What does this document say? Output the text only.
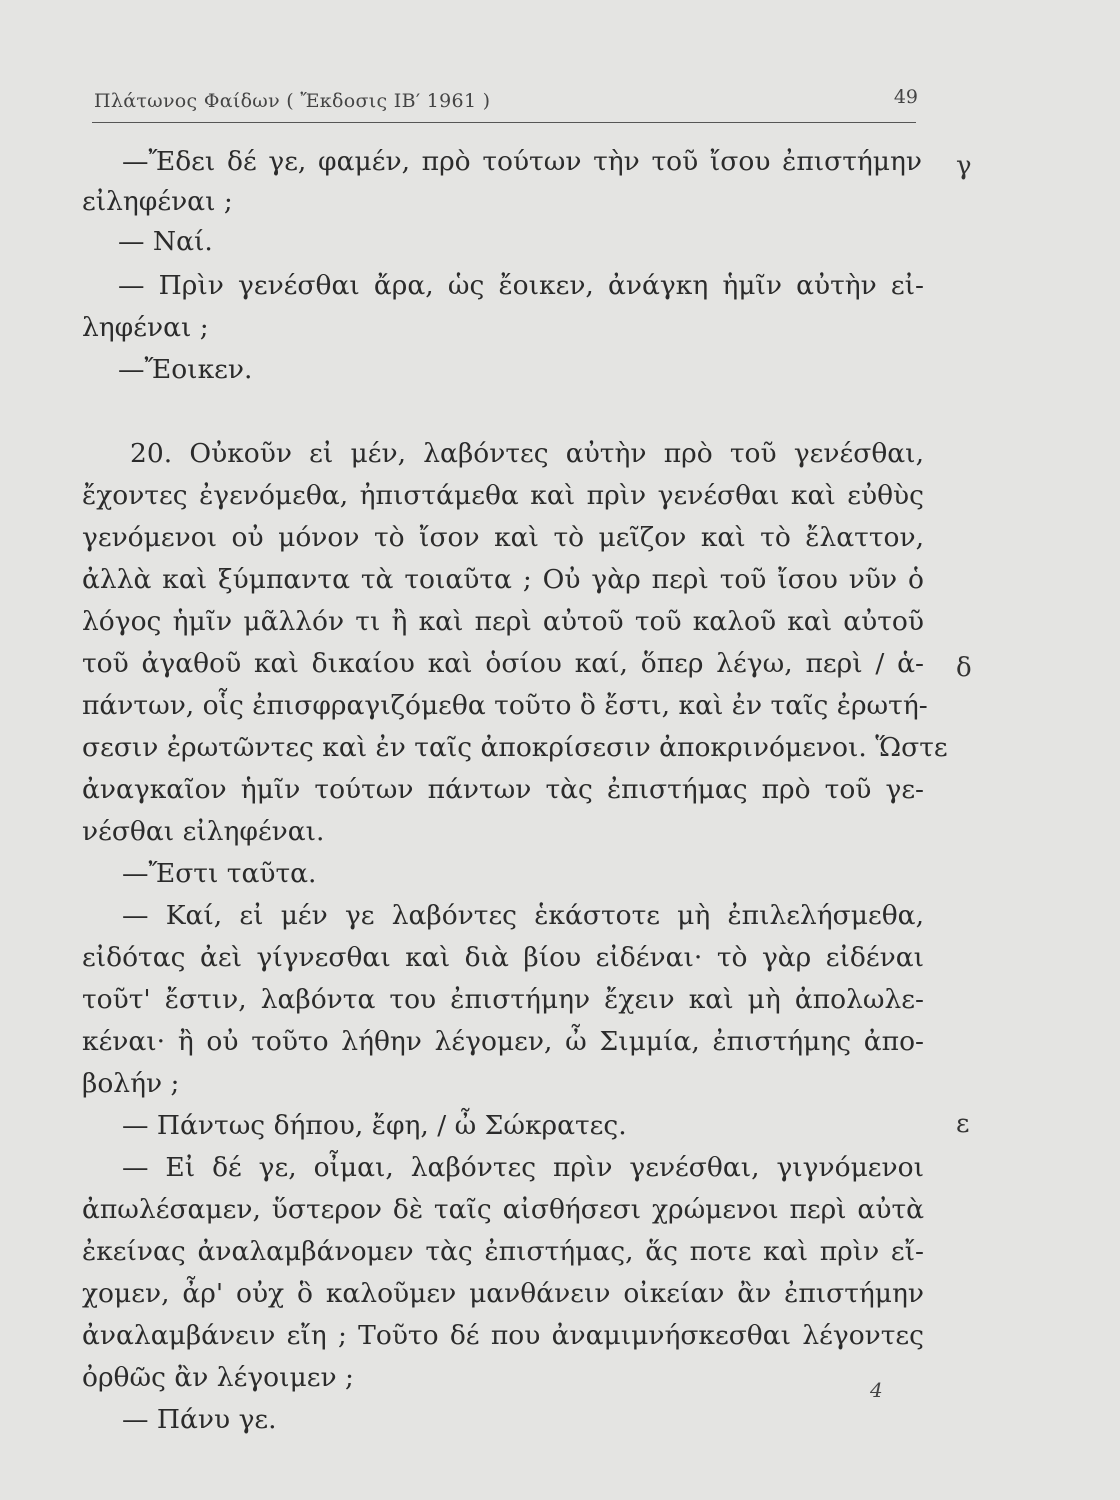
Πλάτωνος Φαίδων ( Ἔκδοσις ΙΒ′ 1961 )	49
—Ἔδει δέ γε, φαμέν, πρὸ τούτων τὴν τοῦ ἴσου ἐπιστήμην
εἰληφέναι ;
— Ναί.
— Πρὶν γενέσθαι ἄρα, ὡς ἔοικεν, ἀνάγκη ἡμῖν αὐτὴν εἰ-
ληφέναι ;
—Ἔοικεν.
20. Οὐκοῦν εἰ μέν, λαβόντες αὐτὴν πρὸ τοῦ γενέσθαι,
ἔχοντες ἐγενόμεθα, ἠπιστάμεθα καὶ πρὶν γενέσθαι καὶ εὐθὺς
γενόμενοι οὐ μόνον τὸ ἴσον καὶ τὸ μεῖζον καὶ τὸ ἔλαττον,
ἀλλὰ καὶ ξύμπαντα τὰ τοιαῦτα ; Οὐ γὰρ περὶ τοῦ ἴσου νῦν ὁ
λόγος ἡμῖν μᾶλλόν τι ἢ καὶ περὶ αὐτοῦ τοῦ καλοῦ καὶ αὐτοῦ
τοῦ ἀγαθοῦ καὶ δικαίου καὶ ὁσίου καί, ὅπερ λέγω, περὶ / ἁ-
πάντων, οἷς ἐπισφραγιζόμεθα τοῦτο ὃ ἔστι, καὶ ἐν ταῖς ἐρωτή-
σεσιν ἐρωτῶντες καὶ ἐν ταῖς ἀποκρίσεσιν ἀποκρινόμενοι. Ὥστε
ἀναγκαῖον ἡμῖν τούτων πάντων τὰς ἐπιστήμας πρὸ τοῦ γε-
νέσθαι εἰληφέναι.
—Ἔστι ταῦτα.
— Καί, εἰ μέν γε λαβόντες ἑκάστοτε μὴ ἐπιλελήσμεθα,
εἰδότας ἀεὶ γίγνεσθαι καὶ διὰ βίου εἰδέναι· τὸ γὰρ εἰδέναι
τοῦτ' ἔστιν, λαβόντα του ἐπιστήμην ἔχειν καὶ μὴ ἀπολωλε-
κέναι· ἢ οὐ τοῦτο λήθην λέγομεν, ὦ Σιμμία, ἐπιστήμης ἀπο-
βολήν ;
— Πάντως δήπου, ἔφη, / ὦ Σώκρατες.
— Εἰ δέ γε, οἶμαι, λαβόντες πρὶν γενέσθαι, γιγνόμενοι
ἀπωλέσαμεν, ὕστερον δὲ ταῖς αἰσθήσεσι χρώμενοι περὶ αὐτὰ
ἐκείνας ἀναλαμβάνομεν τὰς ἐπιστήμας, ἅς ποτε καὶ πρὶν εἴ-
χομεν, ἆρ' οὐχ ὃ καλοῦμεν μανθάνειν οἰκείαν ἂν ἐπιστήμην
ἀναλαμβάνειν εἴη ; Τοῦτο δέ που ἀναμιμνήσκεσθαι λέγοντες
ὀρθῶς ἂν λέγοιμεν ;
— Πάνυ γε.
γ
δ
ε
4
